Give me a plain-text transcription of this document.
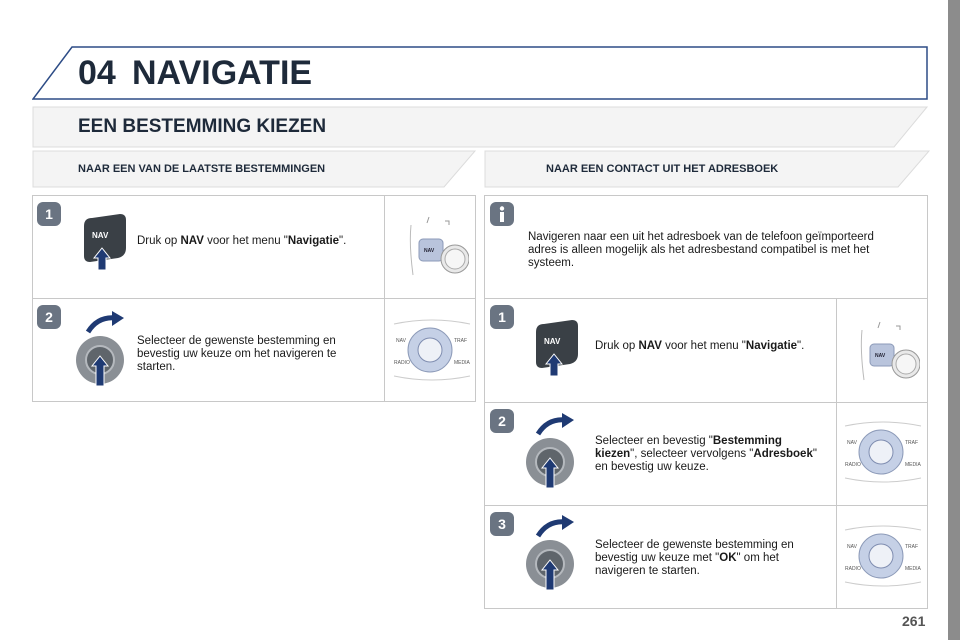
04 NAVIGATIE
EEN BESTEMMING KIEZEN
NAAR EEN VAN DE LAATSTE BESTEMMINGEN	NAAR EEN CONTACT UIT HET ADRESBOEK
1
NAV Druk op NAV voor het menu "Navigatie".
NAV
2
Selecteer de gewenste bestemming en bevestig uw keuze om het navigeren te starten.
NAV	TRAF
RADIO	MEDIA
Navigeren naar een uit het adresboek van de telefoon geïmporteerd adres is alleen mogelijk als het adresbestand compatibel is met het systeem.
1
NAV	Druk op NAV voor het menu "Navigatie".
NAV
2
Selecteer en bevestig "Bestemming kiezen", selecteer vervolgens "Adresboek" en bevestig uw keuze.
NAV	TRAF
RADIO	MEDIA
3
Selecteer de gewenste bestemming en bevestig uw keuze met "OK" om het navigeren te starten.
NAV	TRAF
RADIO	MEDIA
261
